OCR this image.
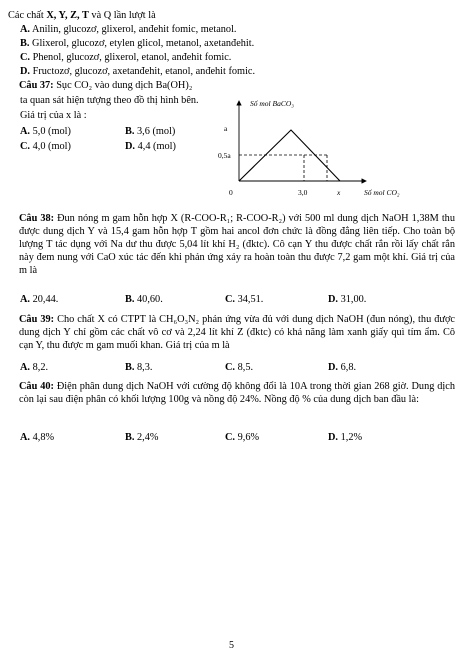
Các chất X, Y, Z, T và Q lần lượt là
A. Anilin, glucozơ, glixerol, anđehit fomic, metanol.
B. Glixerol, glucozơ, etylen glicol, metanol, axetanđehit.
C. Phenol, glucozơ, glixerol, etanol, anđehit fomic.
D. Fructozơ, glucozơ, axetanđehit, etanol, anđehit fomic.
Câu 37: Sục CO₂ vào dung dịch Ba(OH)₂
ta quan sát hiện tượng theo đồ thị hình bên.
Giá trị của x là :
A. 5,0 (mol)	B. 3,6 (mol)
C. 4,0 (mol)	D. 4,4 (mol)
Số mol BaCO₃
a
0,5a
0	3,0	x	Số mol CO₂
Câu 38: Đun nóng m gam hỗn hợp X (R-COO-R₁; R-COO-R₂) với 500 ml dung dịch NaOH 1,38M thu được dung dịch Y và 15,4 gam hỗn hợp T gồm hai ancol đơn chức là đồng đẳng liên tiếp. Cho toàn bộ lượng T tác dụng với Na dư thu được 5,04 lít khí H₂ (đktc). Cô cạn Y thu được chất rắn rồi lấy chất rắn này đem nung với CaO xúc tác đến khi phản ứng xảy ra hoàn toàn thu được 7,2 gam một khí. Giá trị của m là
A. 20,44.	B. 40,60.	C. 34,51.	D. 31,00.
Câu 39: Cho chất X có CTPT là CH₆O₃N₂ phản ứng vừa đủ với dung dịch NaOH (đun nóng), thu được dung dịch Y chỉ gồm các chất vô cơ và 2,24 lít khí Z (đktc) có khả năng làm xanh giấy quì tím ẩm. Cô cạn Y, thu được m gam muối khan. Giá trị của m là
A. 8,2.	B. 8,3.	C. 8,5.	D. 6,8.
Câu 40: Điện phân dung dịch NaOH với cường độ không đổi là 10A trong thời gian 268 giờ. Dung dịch còn lại sau điện phân có khối lượng 100g và nồng độ 24%. Nồng độ % của dung dịch ban đầu là:
A. 4,8%	B. 2,4%	C. 9,6%	D. 1,2%
5
